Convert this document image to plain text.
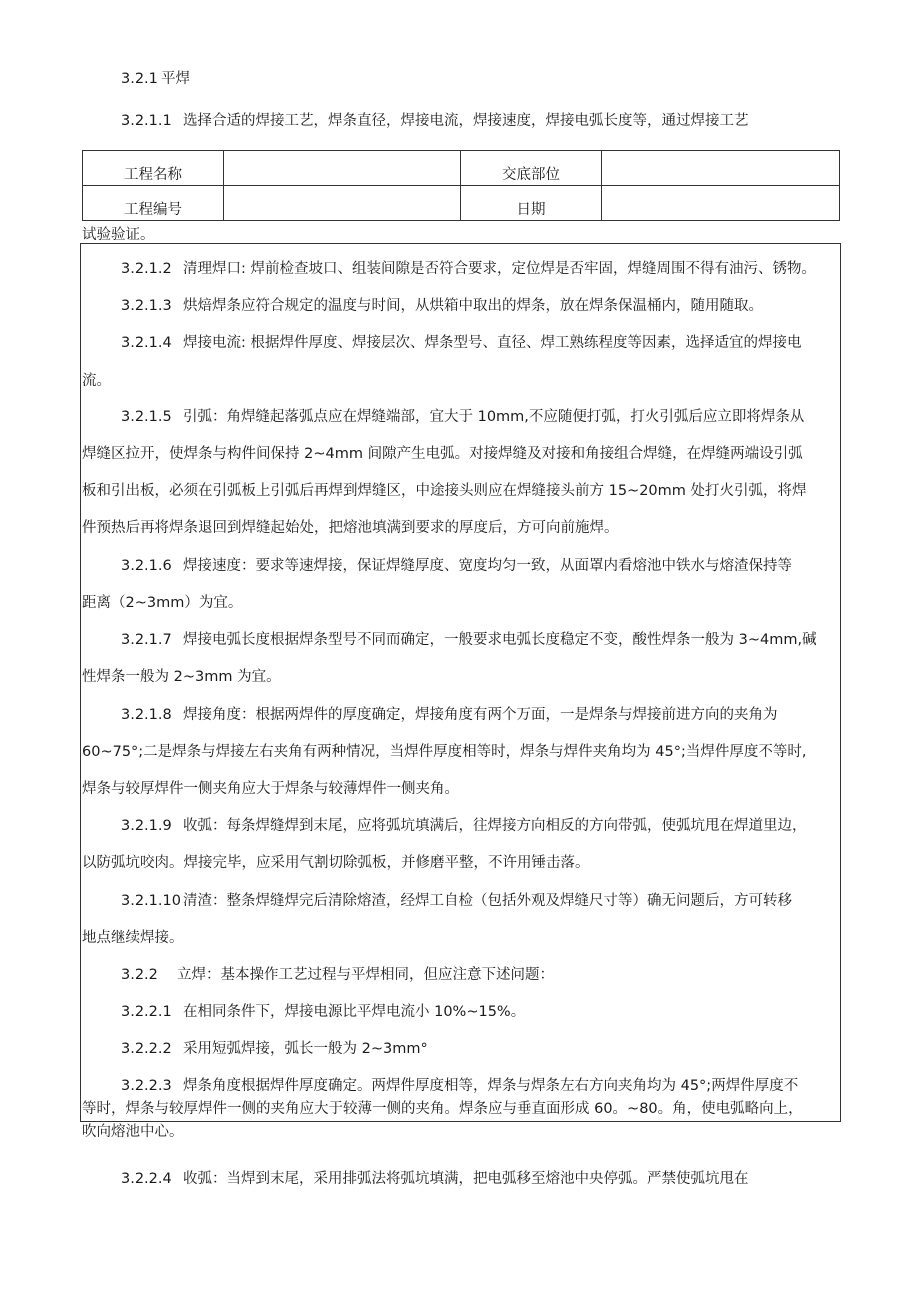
3.2.1 平焊
3.2.1.1 选择合适的焊接工艺，焊条直径，焊接电流，焊接速度，焊接电弧长度等，通过焊接工艺
工程名称		交底部位	

工程编号		日期	

试验验证。
3.2.1.2 清理焊口: 焊前检查坡口、组装间隙是否符合要求，定位焊是否牢固，焊缝周围不得有油污、锈物。
3.2.1.3 烘焙焊条应符合规定的温度与时间，从烘箱中取出的焊条，放在焊条保温桶内，随用随取。
3.2.1.4 焊接电流: 根据焊件厚度、焊接层次、焊条型号、直径、焊工熟练程度等因素，选择适宜的焊接电
流。
3.2.1.5 引弧：角焊缝起落弧点应在焊缝端部，宜大于 10mm,不应随便打弧，打火引弧后应立即将焊条从
焊缝区拉开，使焊条与构件间保持 2~4mm 间隙产生电弧。对接焊缝及对接和角接组合焊缝，在焊缝两端设引弧
板和引出板，必须在引弧板上引弧后再焊到焊缝区，中途接头则应在焊缝接头前方 15~20mm 处打火引弧，将焊
件预热后再将焊条退回到焊缝起始处，把熔池填满到要求的厚度后，方可向前施焊。
3.2.1.6 焊接速度：要求等速焊接，保证焊缝厚度、宽度均匀一致，从面罩内看熔池中铁水与熔渣保持等
距离（2~3mm）为宜。
3.2.1.7 焊接电弧长度根据焊条型号不同而确定，一般要求电弧长度稳定不变，酸性焊条一般为 3~4mm,碱
性焊条一般为 2~3mm 为宜。
3.2.1.8 焊接角度：根据两焊件的厚度确定，焊接角度有两个万面，一是焊条与焊接前进方向的夹角为
60~75°;二是焊条与焊接左右夹角有两种情况，当焊件厚度相等时，焊条与焊件夹角均为 45°;当焊件厚度不等时,
焊条与较厚焊件一侧夹角应大于焊条与较薄焊件一侧夹角。
3.2.1.9 收弧：每条焊缝焊到末尾，应将弧坑填满后，往焊接方向相反的方向带弧，使弧坑甩在焊道里边，
以防弧坑咬肉。焊接完毕，应采用气割切除弧板，并修磨平整，不许用锤击落。
3.2.1.10 清渣：整条焊缝焊完后清除熔渣，经焊工自检（包括外观及焊缝尺寸等）确无问题后，方可转移
地点继续焊接。
3.2.2 立焊：基本操作工艺过程与平焊相同，但应注意下述问题：
3.2.2.1 在相同条件下，焊接电源比平焊电流小 10%~15%。
3.2.2.2 采用短弧焊接，弧长一般为 2~3mm°
3.2.2.3 焊条角度根据焊件厚度确定。两焊件厚度相等，焊条与焊条左右方向夹角均为 45°;两焊件厚度不
等时，焊条与较厚焊件一侧的夹角应大于较薄一侧的夹角。焊条应与垂直面形成 60。~80。角，使电弧略向上，
吹向熔池中心。
3.2.2.4 收弧：当焊到末尾，采用排弧法将弧坑填满，把电弧移至熔池中央停弧。严禁使弧坑甩在
